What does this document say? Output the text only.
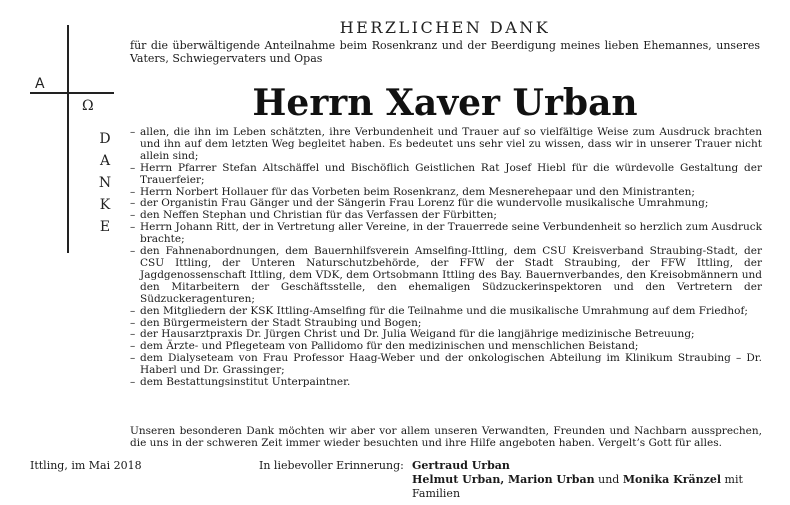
HERZLICHEN DANK
für die überwältigende Anteilnahme beim Rosenkranz und der Beerdigung meines lieben Ehemannes, unseres Vaters, Schwiegervaters und Opas
Herrn Xaver Urban
A
Ω
D
A
N
K
E
– allen, die ihn im Leben schätzten, ihre Verbundenheit und Trauer auf so vielfältige Weise zum Ausdruck brachten und ihn auf dem letzten Weg begleitet haben. Es bedeutet uns sehr viel zu wissen, dass wir in unserer Trauer nicht allein sind;
– Herrn Pfarrer Stefan Altschäffel und Bischöflich Geistlichen Rat Josef Hiebl für die würdevolle Gestaltung der Trauerfeier;
– Herrn Norbert Hollauer für das Vorbeten beim Rosenkranz, dem Mesnerehepaar und den Ministranten;
– der Organistin Frau Gänger und der Sängerin Frau Lorenz für die wundervolle musikalische Umrahmung;
– den Neffen Stephan und Christian für das Verfassen der Fürbitten;
– Herrn Johann Ritt, der in Vertretung aller Vereine, in der Trauerrede seine Verbundenheit so herzlich zum Ausdruck brachte;
– den Fahnenabordnungen, dem Bauernhilfsverein Amselfing-Ittling, dem CSU Kreisverband Straubing-Stadt, der CSU Ittling, der Unteren Naturschutzbehörde, der FFW der Stadt Straubing, der FFW Ittling, der Jagdgenossenschaft Ittling, dem VDK, dem Ortsobmann Ittling des Bay. Bauernverbandes, den Kreisobmännern und den Mitarbeitern der Geschäftsstelle, den ehemaligen Südzuckerinspektoren und den Vertretern der Südzuckeragenturen;
– den Mitgliedern der KSK Ittling-Amselfing für die Teilnahme und die musikalische Umrahmung auf dem Friedhof;
– den Bürgermeistern der Stadt Straubing und Bogen;
– der Hausarztpraxis Dr. Jürgen Christ und Dr. Julia Weigand für die langjährige medizinische Betreuung;
– dem Ärzte- und Pflegeteam von Pallidomo für den medizinischen und menschlichen Beistand;
– dem Dialyseteam von Frau Professor Haag-Weber und der onkologischen Abteilung im Klinikum Straubing – Dr. Haberl und Dr. Grassinger;
– dem Bestattungsinstitut Unterpaintner.
Unseren besonderen Dank möchten wir aber vor allem unseren Verwandten, Freunden und Nachbarn aussprechen, die uns in der schweren Zeit immer wieder besuchten und ihre Hilfe angeboten haben. Vergelt’s Gott für alles.
Ittling, im Mai 2018	In liebevoller Erinnerung: Gertraud Urban
Helmut Urban, Marion Urban und Monika Kränzel mit Familien
